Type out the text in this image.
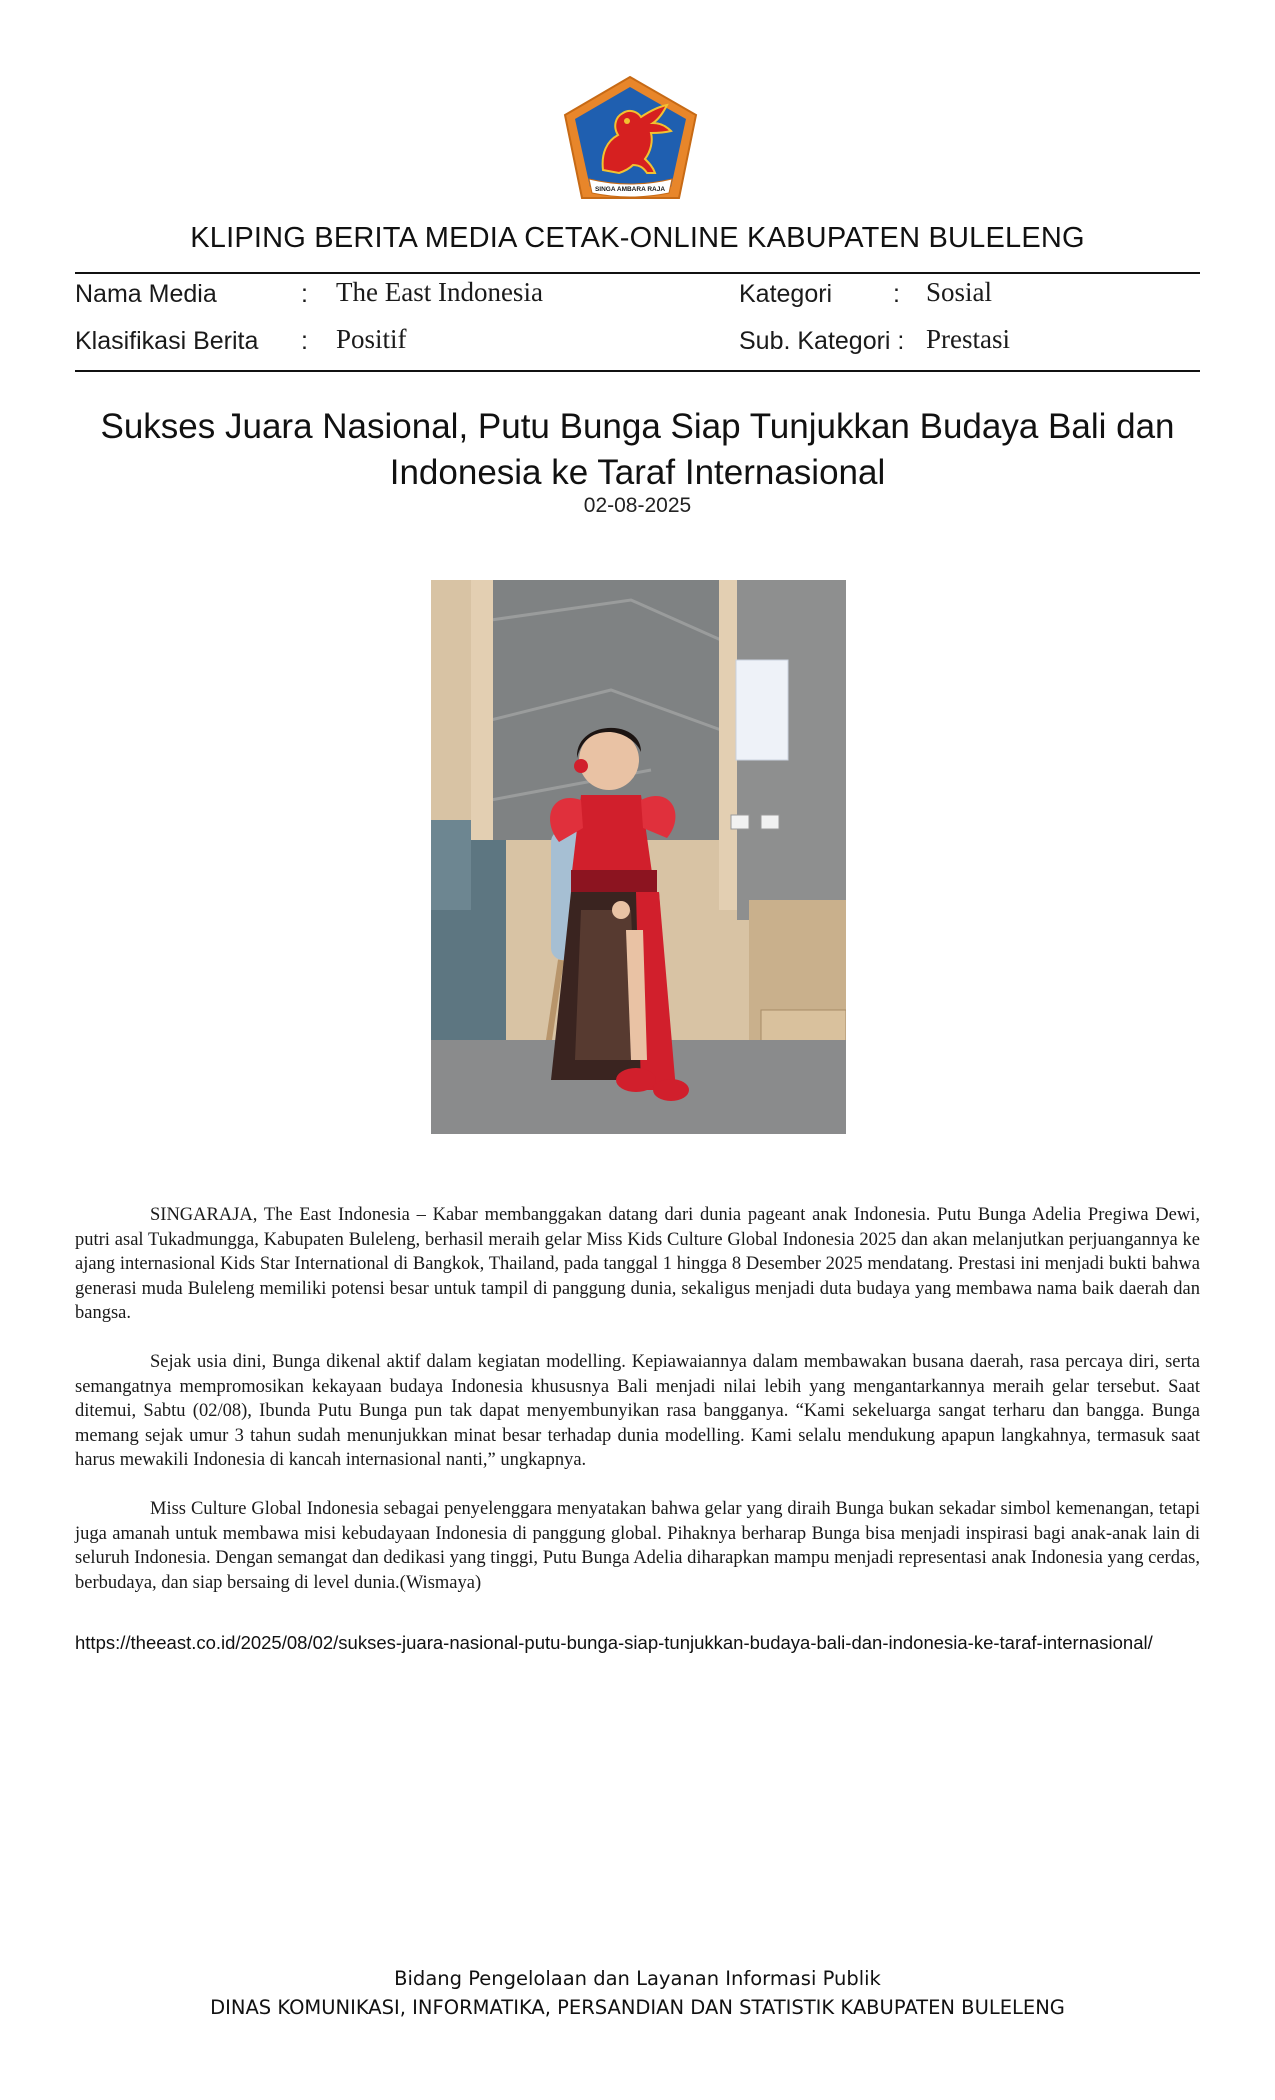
SINGA AMBARA RAJA
KLIPING BERITA MEDIA CETAK-ONLINE KABUPATEN BULELENG
Nama Media	: The East Indonesia	Kategori : Sosial
Klasifikasi Berita : Positif	Sub. Kategori : Prestasi
Sukses Juara Nasional, Putu Bunga Siap Tunjukkan Budaya Bali dan Indonesia ke Taraf Internasional
02-08-2025

SINGARAJA, The East Indonesia – Kabar membanggakan datang dari dunia pageant anak Indonesia. Putu Bunga Adelia Pregiwa Dewi, putri asal Tukadmungga, Kabupaten Buleleng, berhasil meraih gelar Miss Kids Culture Global Indonesia 2025 dan akan melanjutkan perjuangannya ke ajang internasional Kids Star International di Bangkok, Thailand, pada tanggal 1 hingga 8 Desember 2025 mendatang. Prestasi ini menjadi bukti bahwa generasi muda Buleleng memiliki potensi besar untuk tampil di panggung dunia, sekaligus menjadi duta budaya yang membawa nama baik daerah dan bangsa.

Sejak usia dini, Bunga dikenal aktif dalam kegiatan modelling. Kepiawaiannya dalam membawakan busana daerah, rasa percaya diri, serta semangatnya mempromosikan kekayaan budaya Indonesia khususnya Bali menjadi nilai lebih yang mengantarkannya meraih gelar tersebut. Saat ditemui, Sabtu (02/08), Ibunda Putu Bunga pun tak dapat menyembunyikan rasa bangganya. “Kami sekeluarga sangat terharu dan bangga. Bunga memang sejak umur 3 tahun sudah menunjukkan minat besar terhadap dunia modelling. Kami selalu mendukung apapun langkahnya, termasuk saat harus mewakili Indonesia di kancah internasional nanti,” ungkapnya.

Miss Culture Global Indonesia sebagai penyelenggara menyatakan bahwa gelar yang diraih Bunga bukan sekadar simbol kemenangan, tetapi juga amanah untuk membawa misi kebudayaan Indonesia di panggung global. Pihaknya berharap Bunga bisa menjadi inspirasi bagi anak-anak lain di seluruh Indonesia. Dengan semangat dan dedikasi yang tinggi, Putu Bunga Adelia diharapkan mampu menjadi representasi anak Indonesia yang cerdas, berbudaya, dan siap bersaing di level dunia.(Wismaya)

https://theeast.co.id/2025/08/02/sukses-juara-nasional-putu-bunga-siap-tunjukkan-budaya-bali-dan-indonesia-ke-taraf-internasional/
Bidang Pengelolaan dan Layanan Informasi Publik
DINAS KOMUNIKASI, INFORMATIKA, PERSANDIAN DAN STATISTIK KABUPATEN BULELENG
